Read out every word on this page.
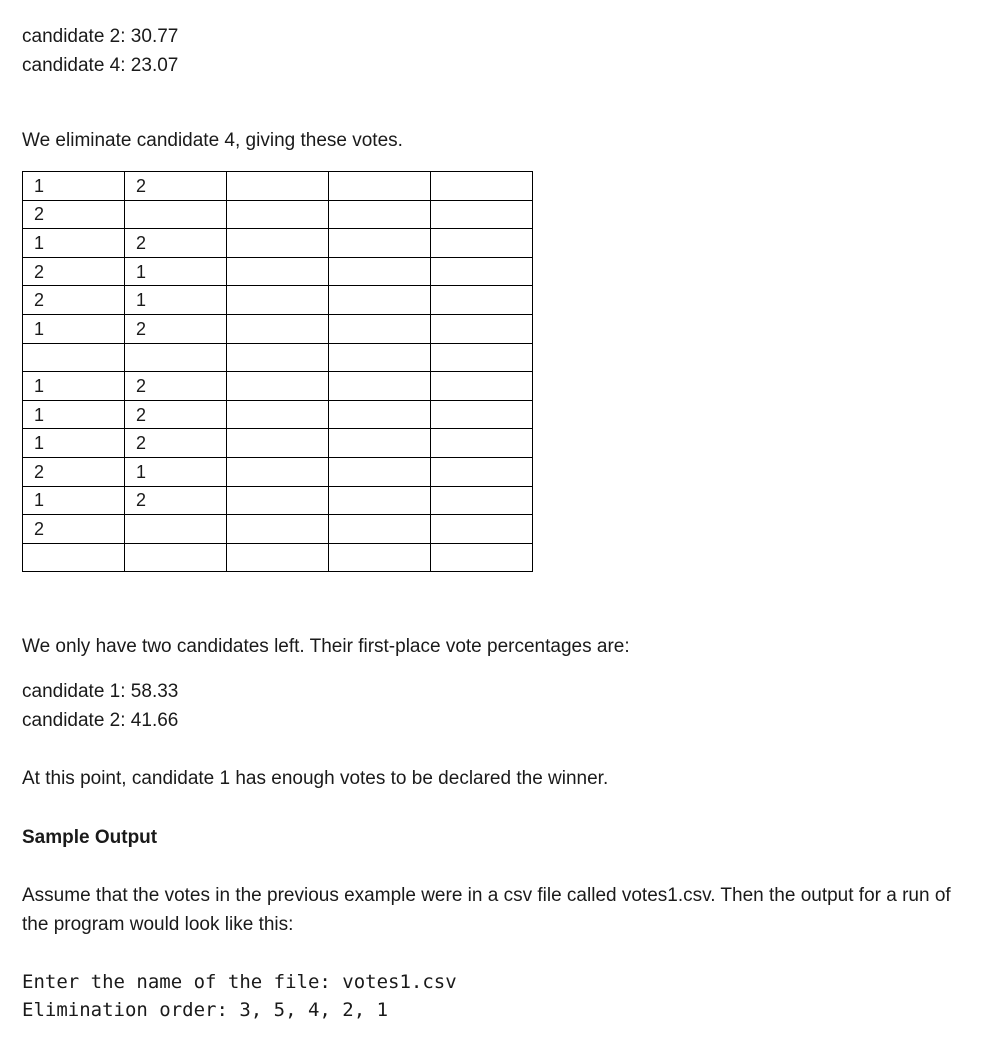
candidate 2: 30.77
candidate 4: 23.07
We eliminate candidate 4, giving these votes.
1	2			
2				
1	2			
2	1			
2	1			
1	2			

1	2			
1	2			
1	2			
2	1			
1	2			
2				

We only have two candidates left. Their first-place vote percentages are:
candidate 1: 58.33
candidate 2: 41.66
At this point, candidate 1 has enough votes to be declared the winner.
Sample Output
Assume that the votes in the previous example were in a csv file called votes1.csv. Then the output for a run of the program would look like this:
Enter the name of the file: votes1.csv
Elimination order: 3, 5, 4, 2, 1
